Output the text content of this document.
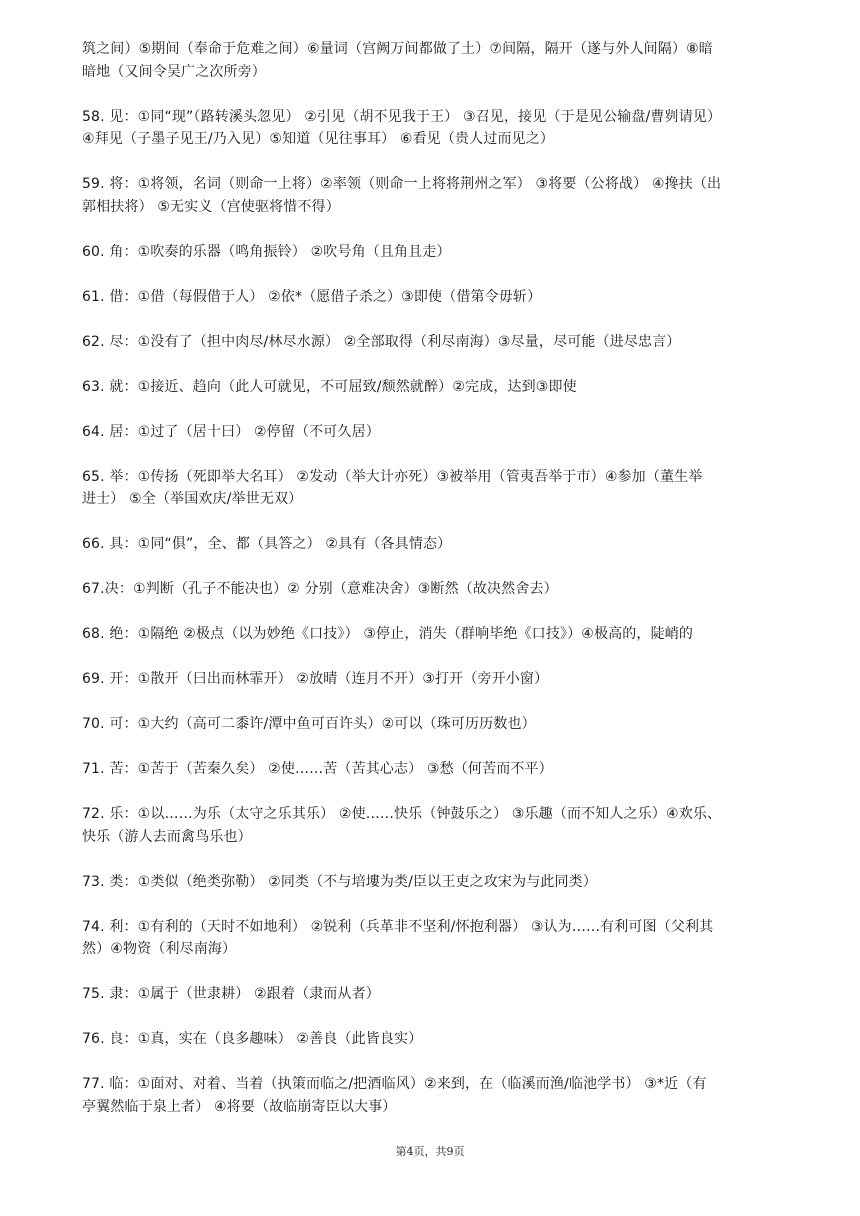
筑之间）⑤期间（奉命于危难之间）⑥量词（宫阙万间都做了土）⑦间隔，隔开（遂与外人间隔）⑧暗
暗地（又间令吴广之次所旁）
58. 见：①同“现”（路转溪头忽见） ②引见（胡不见我于王） ③召见，接见（于是见公输盘/曹刿请见）
④拜见（子墨子见王/乃入见）⑤知道（见往事耳） ⑥看见（贵人过而见之）
59. 将：①将领，名词（则命一上将）②率领（则命一上将将荆州之军） ③将要（公将战） ④搀扶（出
郭相扶将） ⑤无实义（宫使驱将惜不得）
60. 角：①吹奏的乐器（鸣角振铃） ②吹号角（且角且走）
61. 借：①借（每假借于人） ②依*（愿借子杀之）③即使（借第令毋斩）
62. 尽：①没有了（担中肉尽/林尽水源） ②全部取得（利尽南海）③尽量，尽可能（进尽忠言）
63. 就：①接近、趋向（此人可就见，不可屈致/颓然就醉）②完成，达到③即使
64. 居：①过了（居十曰） ②停留（不可久居）
65. 举：①传扬（死即举大名耳） ②发动（举大计亦死）③被举用（管夷吾举于市）④参加（董生举
进士） ⑤全（举国欢庆/举世无双）
66. 具：①同“俱”，全、都（具答之） ②具有（各具情态）
67.决：①判断（孔子不能决也）② 分别（意难决舍）③断然（故决然舍去）
68. 绝：①隔绝 ②极点（以为妙绝《口技》） ③停止，消失（群响毕绝《口技》）④极高的，陡峭的
69. 开：①散开（曰出而林霏开） ②放晴（连月不开）③打开（旁开小窗）
70. 可：①大约（高可二黍许/潭中鱼可百许头）②可以（珠可历历数也）
71. 苦：①苦于（苦秦久矣） ②使……苦（苦其心志） ③愁（何苦而不平）
72. 乐：①以……为乐（太守之乐其乐） ②使……快乐（钟鼓乐之） ③乐趣（而不知人之乐）④欢乐、
快乐（游人去而禽鸟乐也）
73. 类：①类似（绝类弥勒） ②同类（不与培塿为类/臣以王吏之攻宋为与此同类）
74. 利：①有利的（天时不如地利） ②锐利（兵革非不坚利/怀抱利器） ③认为……有利可图（父利其
然）④物资（利尽南海）
75. 隶：①属于（世隶耕） ②跟着（隶而从者）
76. 良：①真，实在（良多趣味） ②善良（此皆良实）
77. 临：①面对、对着、当着（执策而临之/把酒临风）②来到，在（临溪而渔/临池学书） ③*近（有
亭翼然临于泉上者） ④将要（故临崩寄臣以大事）
第4页，共9页
